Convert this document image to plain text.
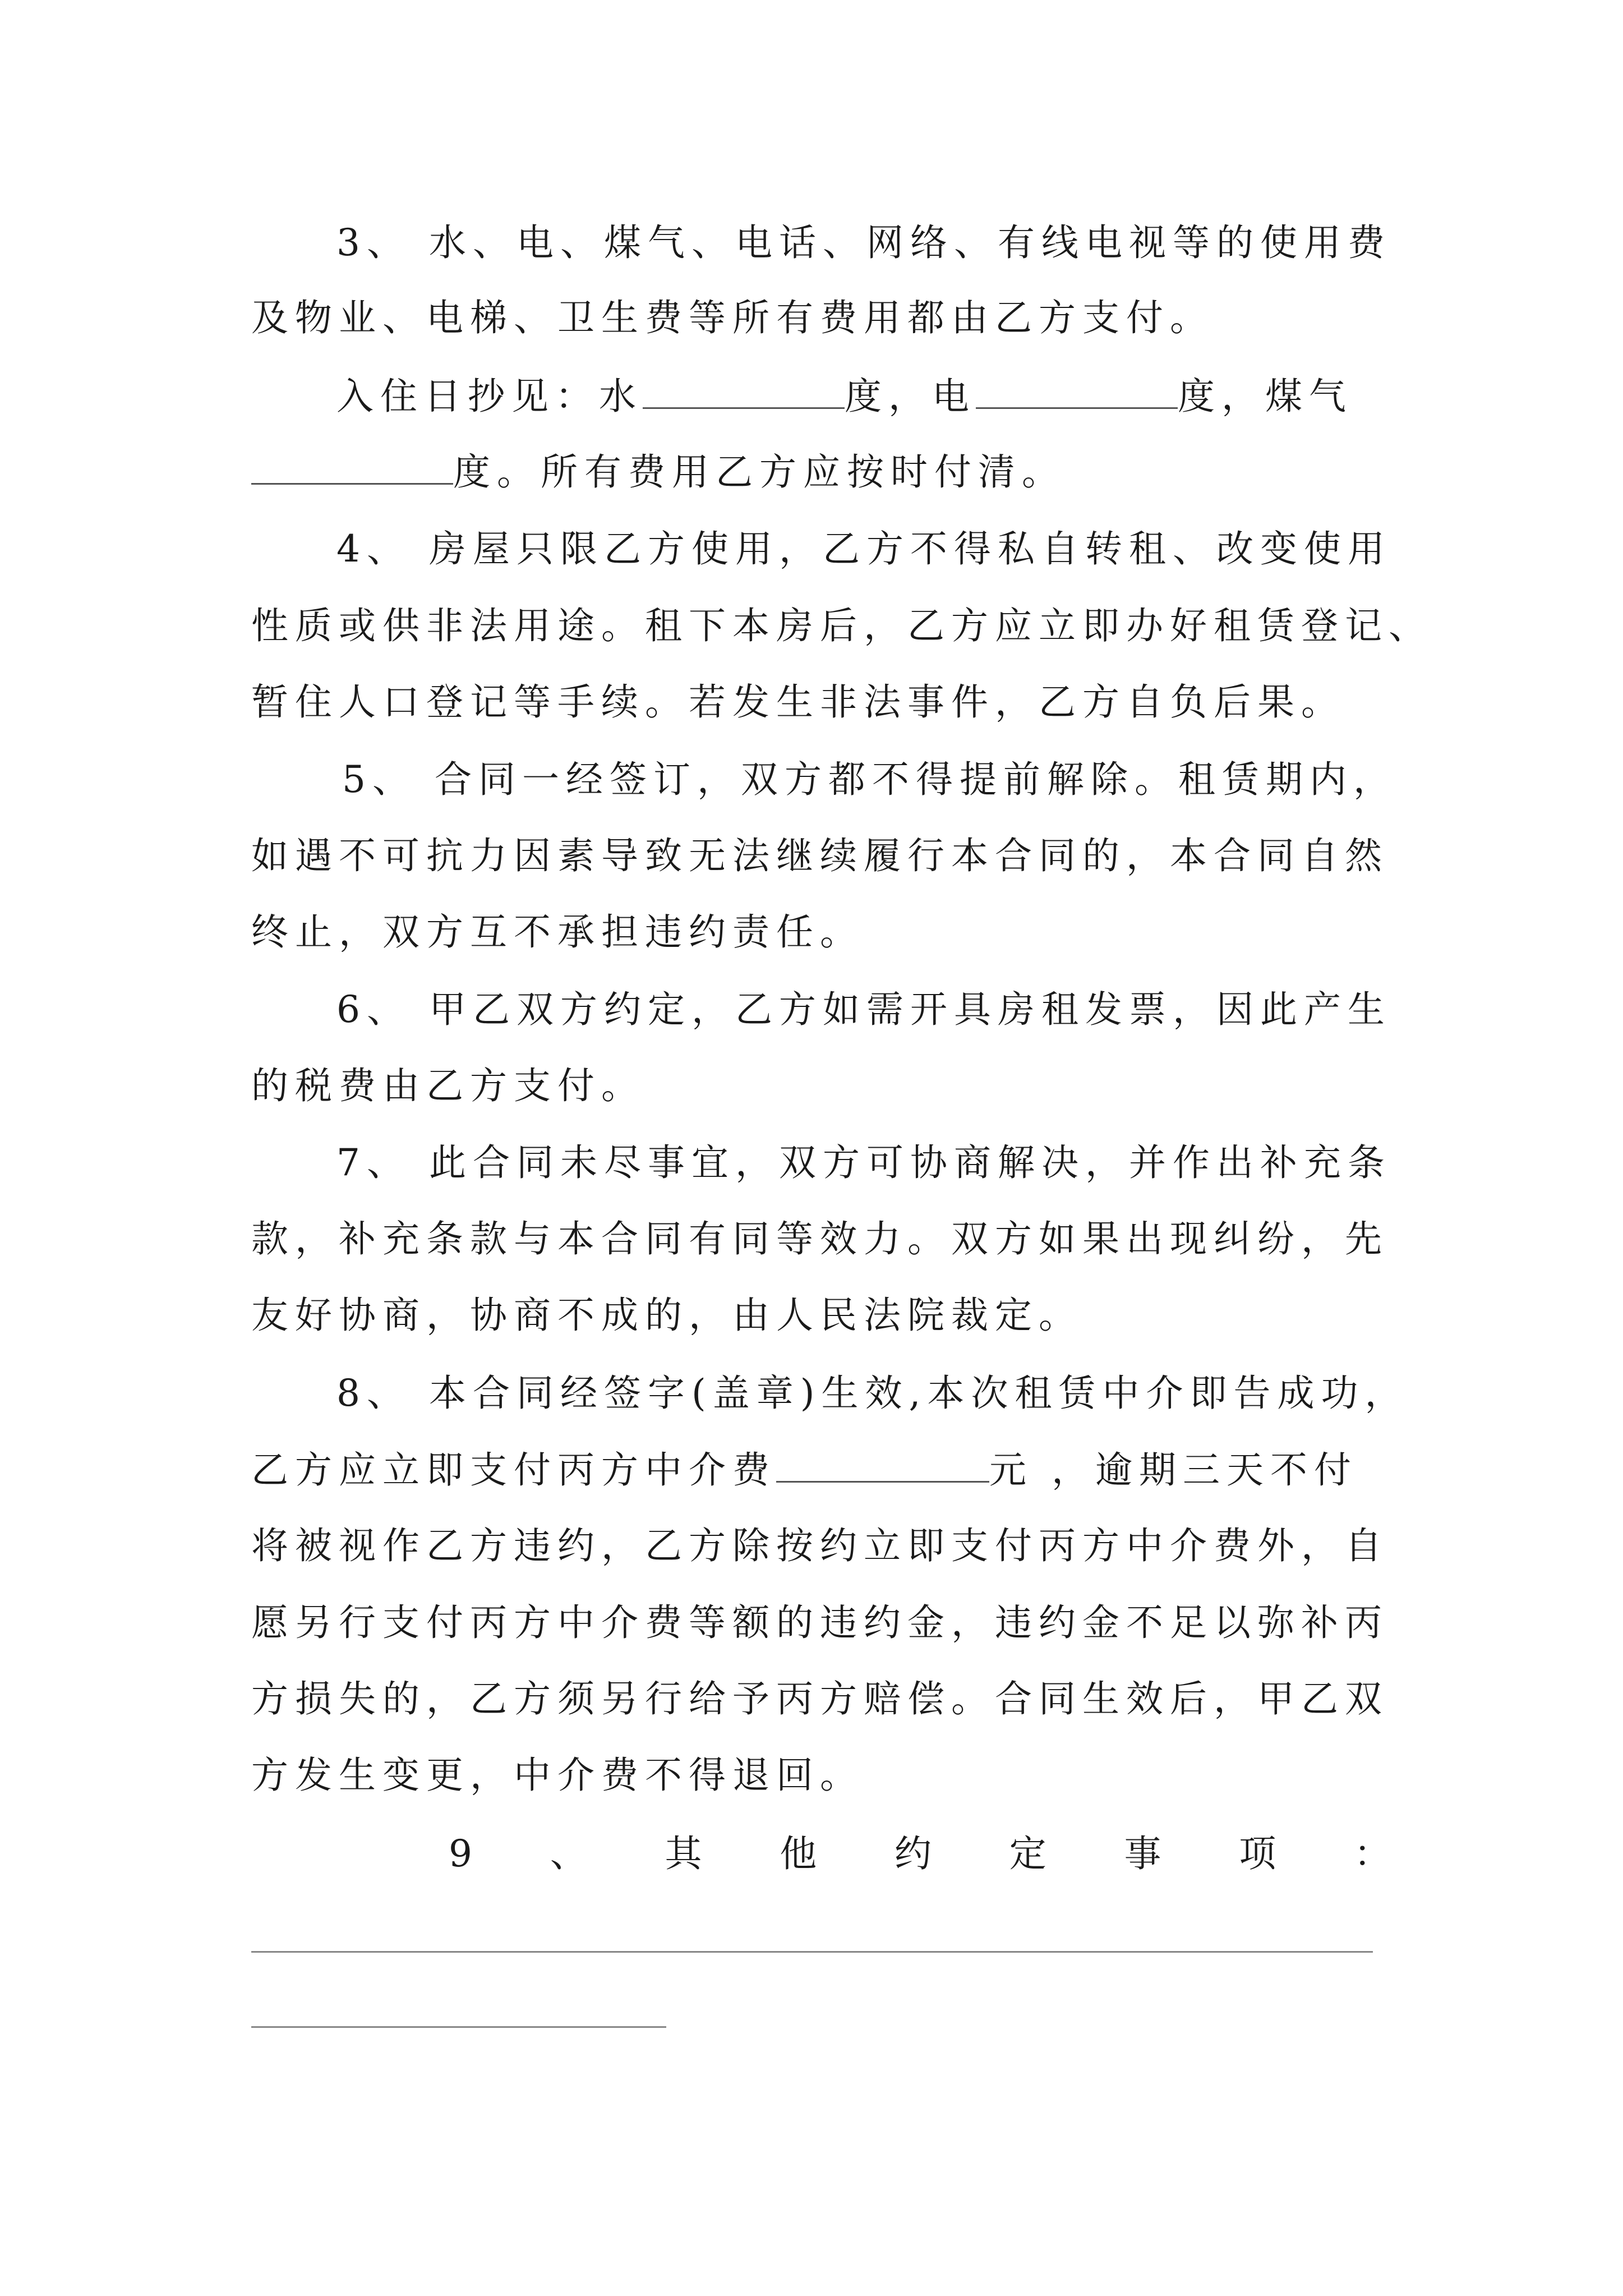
3、 水、电、煤气、电话、网络、有线电视等的使用费
及物业、电梯、卫生费等所有费用都由乙方支付。
入住日抄见：水	度，电	度，煤气
度。所有费用乙方应按时付清。
4、 房屋只限乙方使用，乙方不得私自转租、改变使用
性质或供非法用途。租下本房后，乙方应立即办好租赁登记、
暂住人口登记等手续。若发生非法事件，乙方自负后果。
5、 合同一经签订，双方都不得提前解除。租赁期内，
如遇不可抗力因素导致无法继续履行本合同的，本合同自然
终止，双方互不承担违约责任。
6、 甲乙双方约定，乙方如需开具房租发票，因此产生
的税费由乙方支付。
7、 此合同未尽事宜，双方可协商解决，并作出补充条
款，补充条款与本合同有同等效力。双方如果出现纠纷，先
友好协商，协商不成的，由人民法院裁定。
8、 本合同经签字(盖章)生效,本次租赁中介即告成功，
乙方应立即支付丙方中介费	元 ，逾期三天不付
将被视作乙方违约，乙方除按约立即支付丙方中介费外，自
愿另行支付丙方中介费等额的违约金，违约金不足以弥补丙
方损失的，乙方须另行给予丙方赔偿。合同生效后，甲乙双
方发生变更，中介费不得退回。
9 、 其 他 约 定 事 项 ：
